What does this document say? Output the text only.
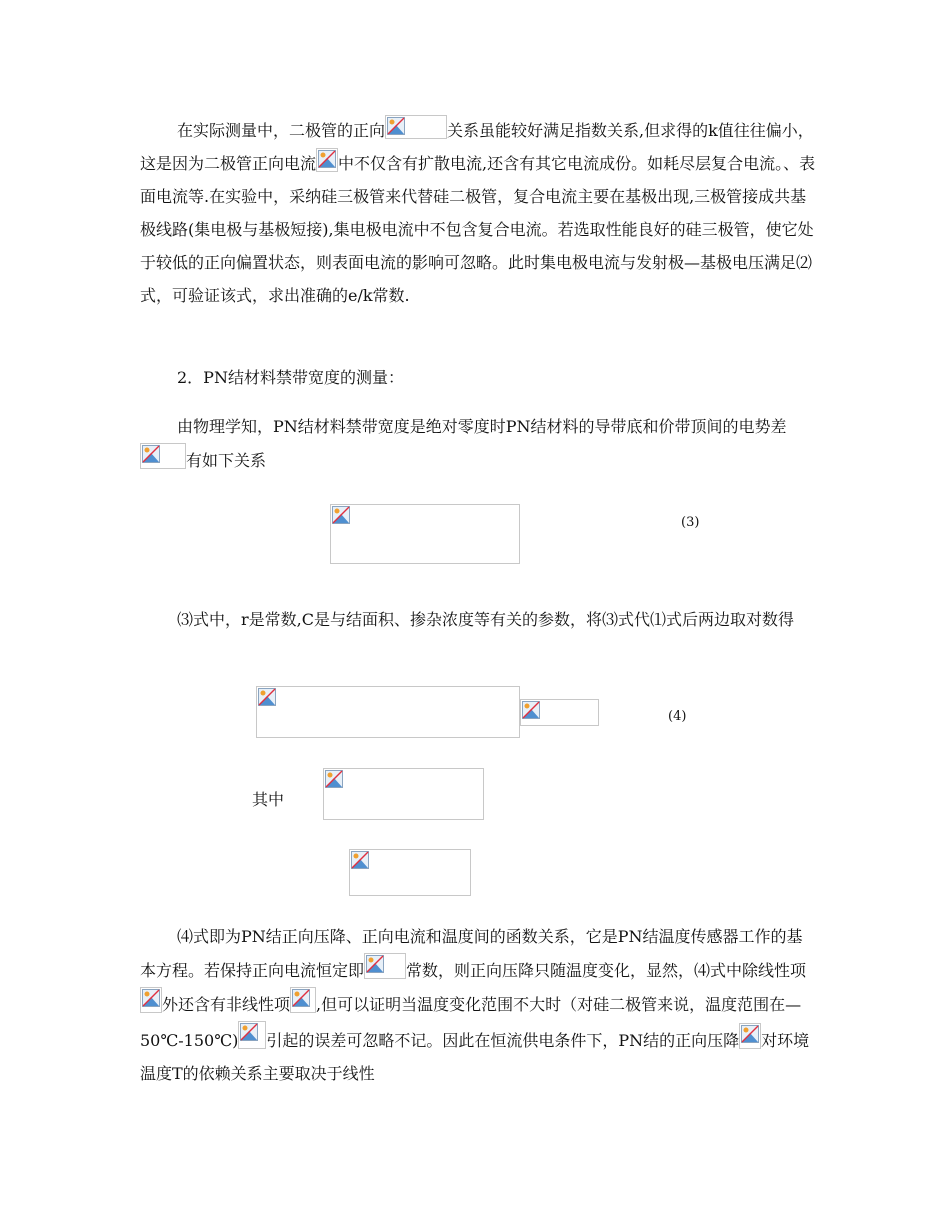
在实际测量中，二极管的正向	关系虽能较好满足指数关系,但求得的k值往往偏小，这是因为二极管正向电流 中不仅含有扩散电流,还含有其它电流成份。如耗尽层复合电流。、表面电流等.在实验中，采纳硅三极管来代替硅二极管，复合电流主要在基极出现,三极管接成共基极线路(集电极与基极短接),集电极电流中不包含复合电流。若选取性能良好的硅三极管，使它处于较低的正向偏置状态，则表面电流的影响可忽略。此时集电极电流与发射极—基极电压满足⑵式，可验证该式，求出准确的e/k常数.

2．PN结材料禁带宽度的测量：

由物理学知，PN结材料禁带宽度是绝对零度时PN结材料的导带底和价带顶间的电势差
有如下关系

(3)

⑶式中，r是常数,C是与结面积、掺杂浓度等有关的参数，将⑶式代⑴式后两边取对数得

(4)
其中

⑷式即为PN结正向压降、正向电流和温度间的函数关系，它是PN结温度传感器工作的基本方程。若保持正向电流恒定即	常数，则正向压降只随温度变化，显然，⑷式中除线性项
外还含有非线性项 ,但可以证明当温度变化范围不大时（对硅二极管来说，温度范围在—50℃-150℃) 引起的误差可忽略不记。因此在恒流供电条件下，PN结的正向压降 对环境温度T的依赖关系主要取决于线性
